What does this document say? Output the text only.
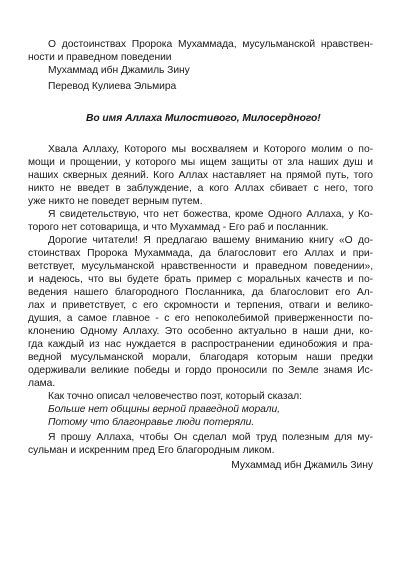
О достоинствах Пророка Мухаммада, мусульманской нравствен-
ности и праведном поведении
Мухаммад ибн Джамиль Зину
Перевод Кулиева Эльмира
Во имя Аллаха Милостивого, Милосердного!
Хвала Аллаху, Которого мы восхваляем и Которого молим о по-
мощи и прощении, у которого мы ищем защиты от зла наших душ и
наших скверных деяний. Кого Аллах наставляет на прямой путь, того
никто не введет в заблуждение, а кого Аллах сбивает с него, того
уже никто не поведет верным путем.
Я свидетельствую, что нет божества, кроме Одного Аллаха, у Ко-
торого нет сотоварища, и что Мухаммад - Его раб и посланник.
Дорогие читатели! Я предлагаю вашему вниманию книгу «О до-
стоинствах Пророка Мухаммада, да благословит его Аллах и при-
ветствует, мусульманской нравственности и праведном поведении»,
и надеюсь, что вы будете брать пример с моральных качеств и по-
ведения нашего благородного Посланника, да благословит его Ал-
лах и приветствует, с его скромности и терпения, отваги и велико-
душия, а самое главное - с его непоколебимой приверженности по-
клонению Одному Аллаху. Это особенно актуально в наши дни, ко-
гда каждый из нас нуждается в распространении единобожия и пра-
ведной мусульманской морали, благодаря которым наши предки
одерживали великие победы и гордо проносили по Земле знамя Ис-
лама.
Как точно описал человечество поэт, который сказал:
Больше нет общины верной праведной морали,
Потому что благонравье люди потеряли.
Я прошу Аллаха, чтобы Он сделал мой труд полезным для му-
сульман и искренним пред Его благородным ликом.
Мухаммад ибн Джамиль Зину
